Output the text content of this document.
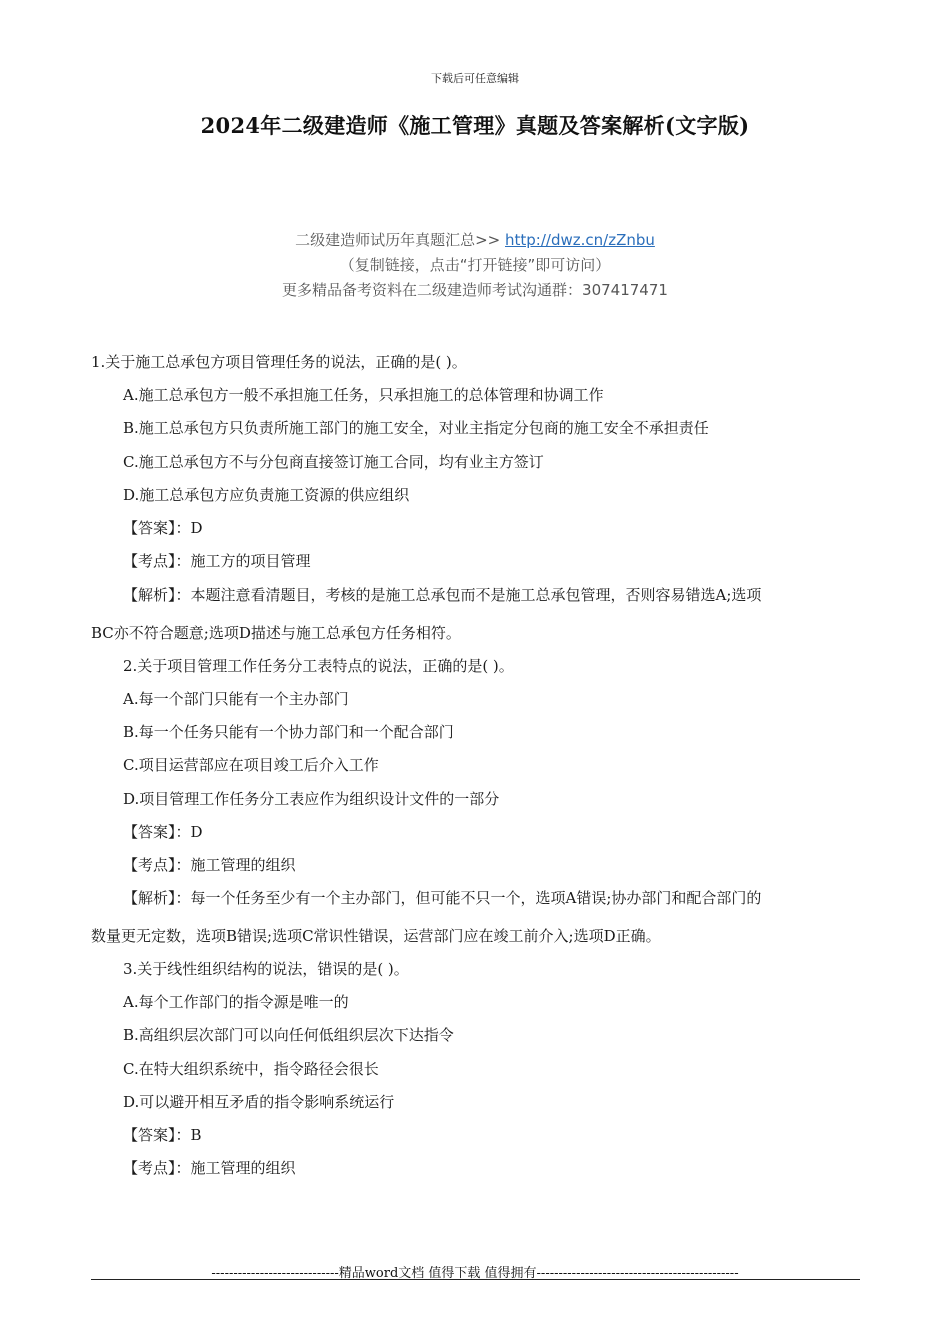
下载后可任意编辑
2024年二级建造师《施工管理》真题及答案解析(文字版)
二级建造师试历年真题汇总>> http://dwz.cn/zZnbu
（复制链接，点击“打开链接”即可访问）
更多精品备考资料在二级建造师考试沟通群：307417471
1.关于施工总承包方项目管理任务的说法，正确的是( )。
A.施工总承包方一般不承担施工任务，只承担施工的总体管理和协调工作
B.施工总承包方只负责所施工部门的施工安全，对业主指定分包商的施工安全不承担责任
C.施工总承包方不与分包商直接签订施工合同，均有业主方签订
D.施工总承包方应负责施工资源的供应组织
【答案】：D
【考点】：施工方的项目管理
【解析】：本题注意看清题目，考核的是施工总承包而不是施工总承包管理，否则容易错选A;选项
BC亦不符合题意;选项D描述与施工总承包方任务相符。
2.关于项目管理工作任务分工表特点的说法，正确的是( )。
A.每一个部门只能有一个主办部门
B.每一个任务只能有一个协力部门和一个配合部门
C.项目运营部应在项目竣工后介入工作
D.项目管理工作任务分工表应作为组织设计文件的一部分
【答案】：D
【考点】：施工管理的组织
【解析】：每一个任务至少有一个主办部门，但可能不只一个，选项A错误;协办部门和配合部门的
数量更无定数，选项B错误;选项C常识性错误，运营部门应在竣工前介入;选项D正确。
3.关于线性组织结构的说法，错误的是( )。
A.每个工作部门的指令源是唯一的
B.高组织层次部门可以向任何低组织层次下达指令
C.在特大组织系统中，指令路径会很长
D.可以避开相互矛盾的指令影响系统运行
【答案】：B
【考点】：施工管理的组织
-----------------------------精品word文档 值得下载 值得拥有----------------------------------------------
